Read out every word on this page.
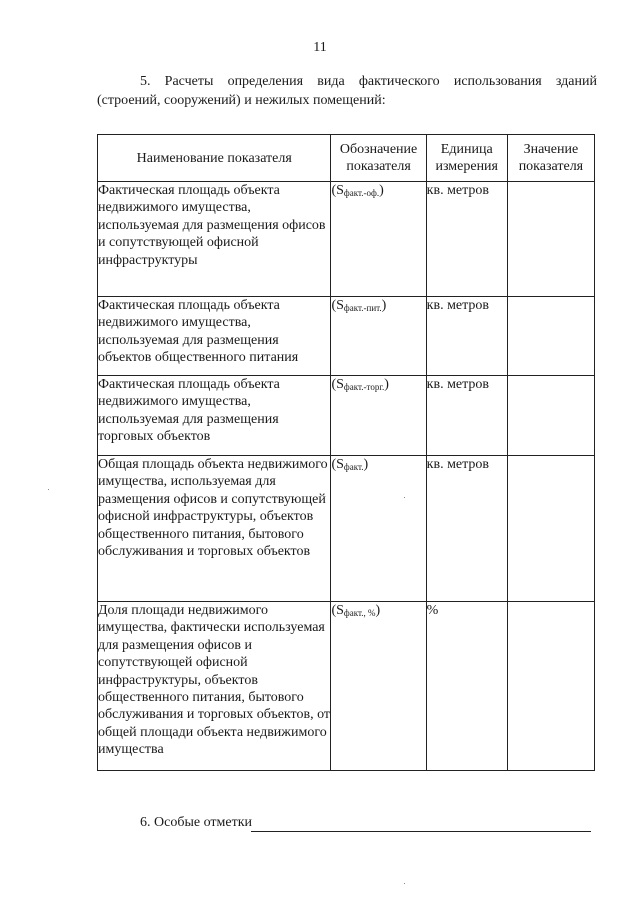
11
5. Расчеты определения вида фактического использования зданий (строений, сооружений) и нежилых помещений:
Наименование показателя	Обозначение показателя	Единица измерения	Значение показателя
Фактическая площадь объекта недвижимого имущества, используемая для размещения офисов и сопутствующей офисной инфраструктуры	$(S_{факт.-оф.})$	кв. метров	
Фактическая площадь объекта недвижимого имущества, используемая для размещения объектов общественного питания	$(S_{факт.-пит.})$	кв. метров	
Фактическая площадь объекта недвижимого имущества, используемая для размещения торговых объектов	$(S_{факт.-торг.})$	кв. метров	
Общая площадь объекта недвижимого имущества, используемая для размещения офисов и сопутствующей офисной инфраструктуры, объектов общественного питания, бытового обслуживания и торговых объектов	$(S_{факт.})$	кв. метров	
Доля площади недвижимого имущества, фактически используемая для размещения офисов и сопутствующей офисной инфраструктуры, объектов общественного питания, бытового обслуживания и торговых объектов, от общей площади объекта недвижимого имущества	$(S_{факт., \%})$	%	
6. Особые отметки
